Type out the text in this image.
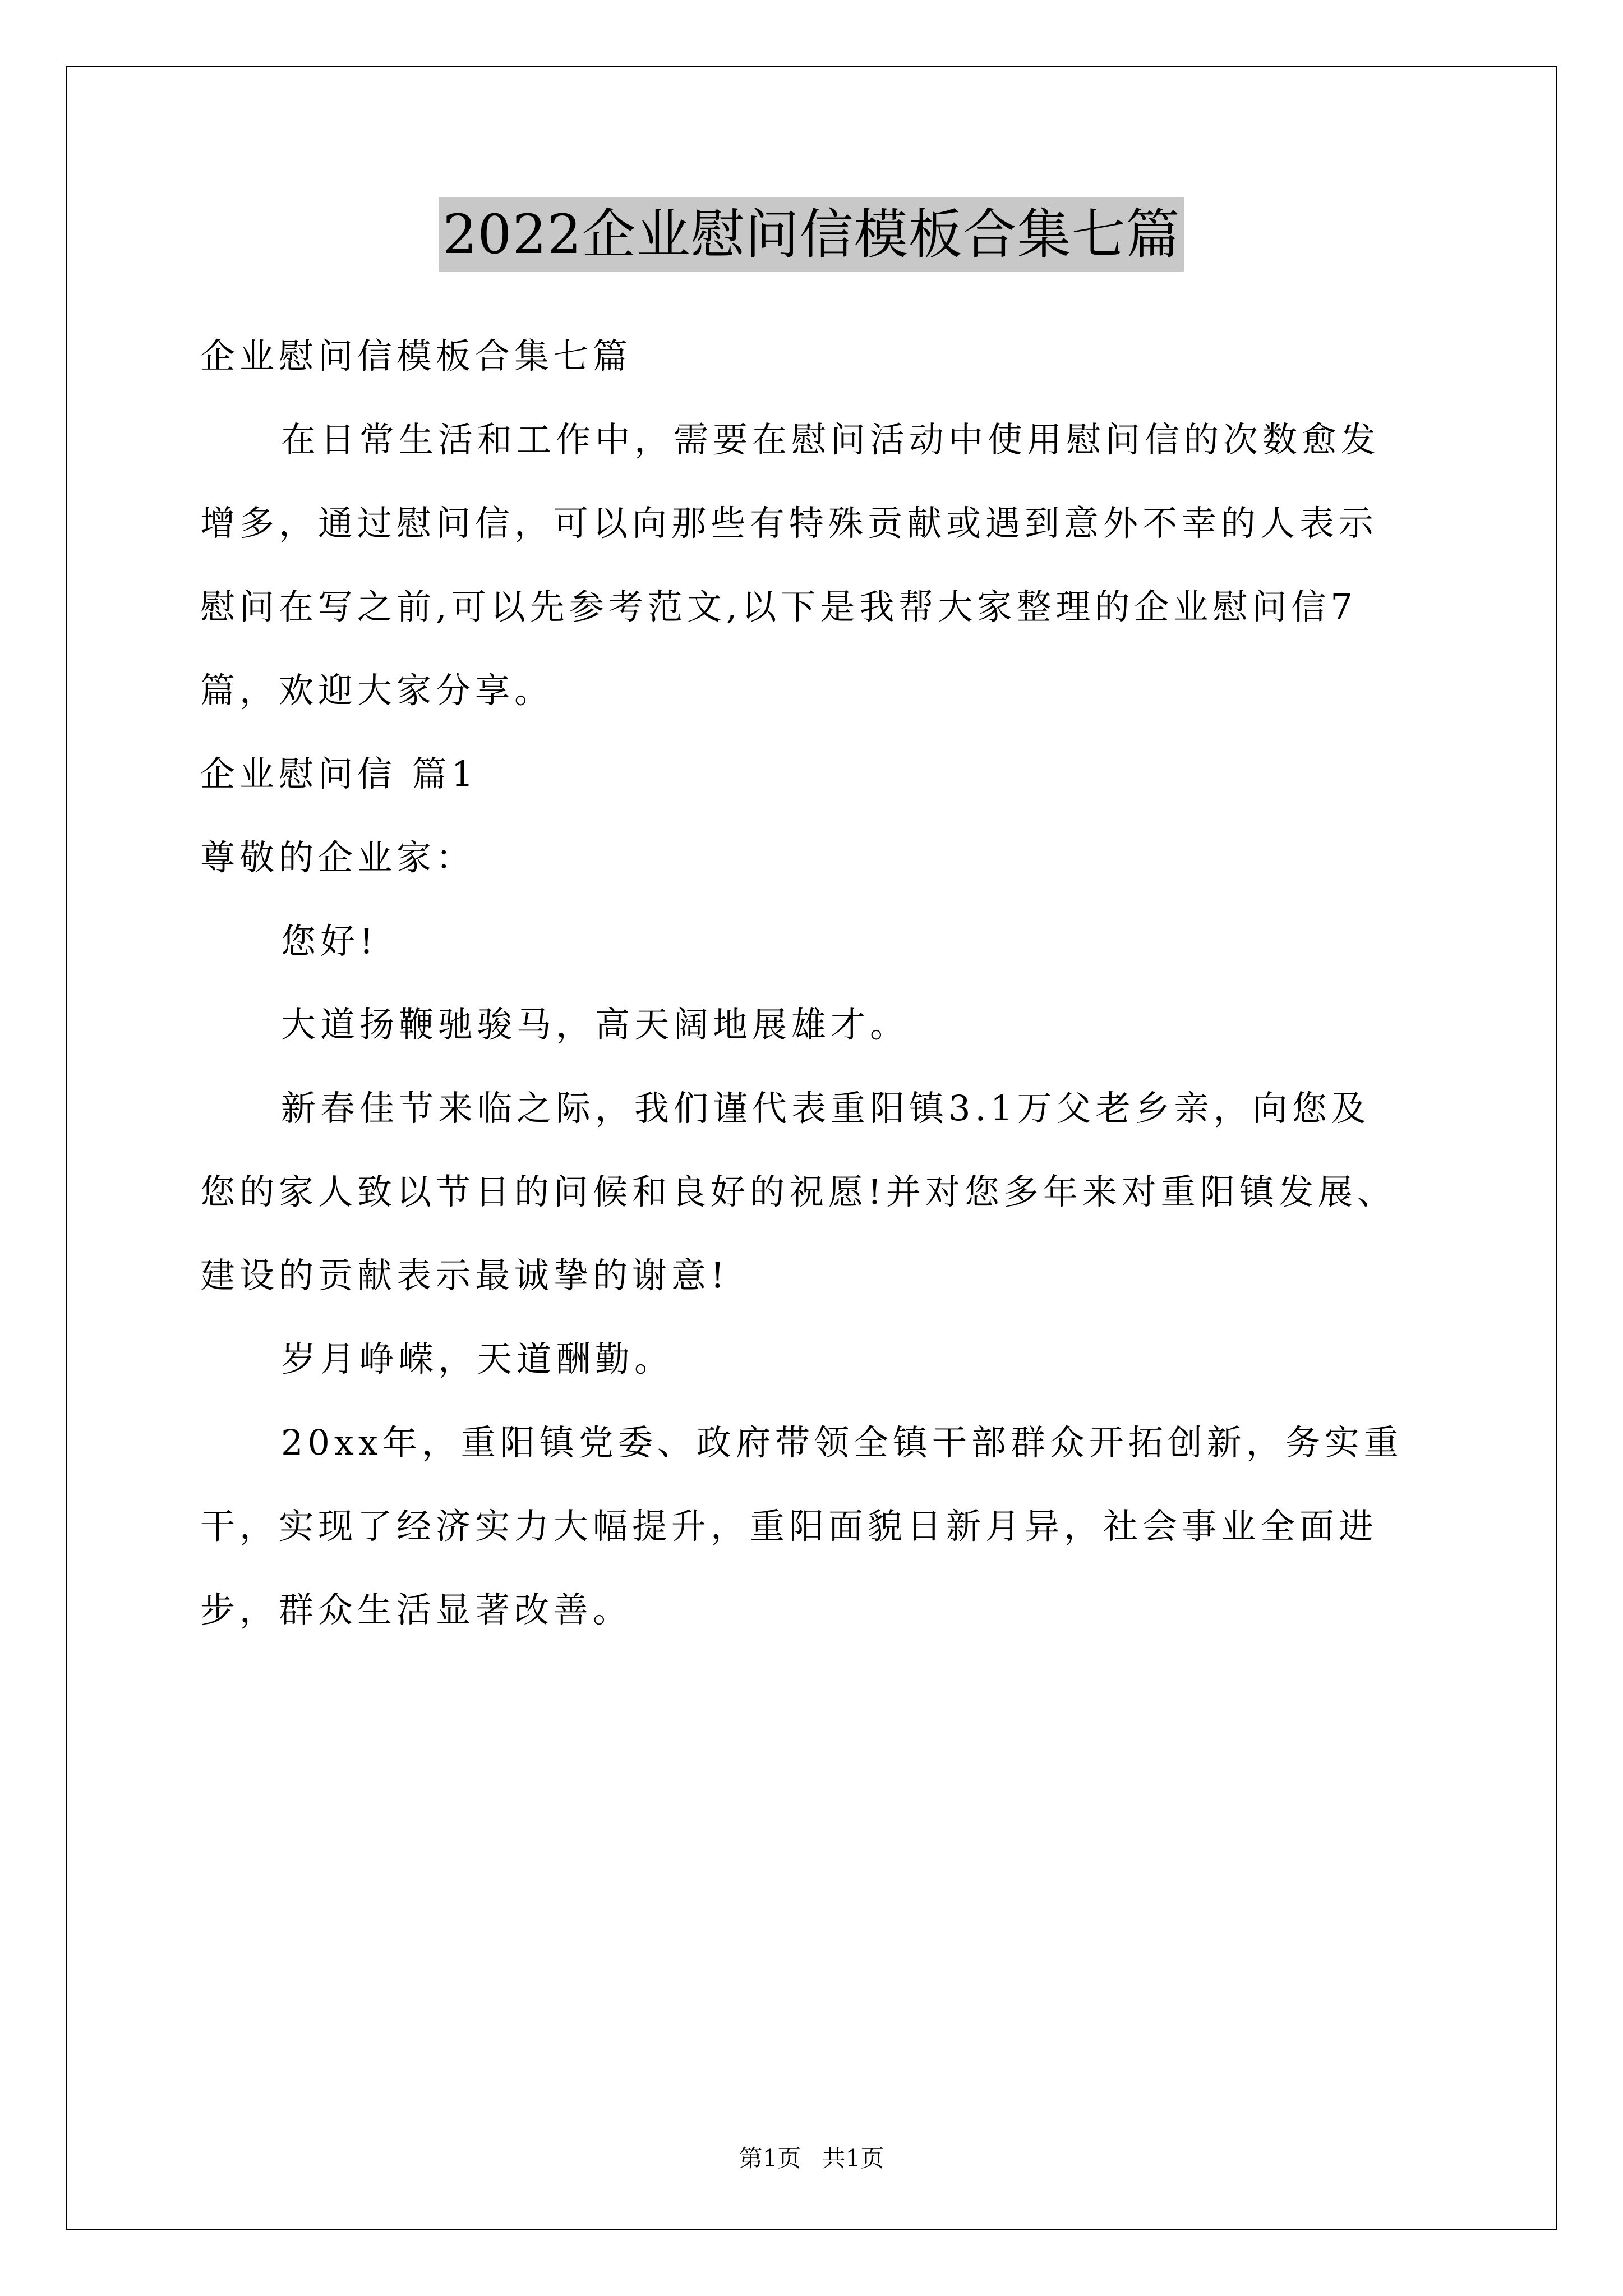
2022企业慰问信模板合集七篇
企业慰问信模板合集七篇
在日常生活和工作中，需要在慰问活动中使用慰问信的次数愈发
增多，通过慰问信，可以向那些有特殊贡献或遇到意外不幸的人表示
慰问在写之前,可以先参考范文,以下是我帮大家整理的企业慰问信7
篇，欢迎大家分享。
企业慰问信 篇1
尊敬的企业家：
您好!
大道扬鞭驰骏马，高天阔地展雄才。
新春佳节来临之际，我们谨代表重阳镇3.1万父老乡亲，向您及
您的家人致以节日的问候和良好的祝愿!并对您多年来对重阳镇发展、
建设的贡献表示最诚挚的谢意!
岁月峥嵘，天道酬勤。
20xx年，重阳镇党委、政府带领全镇干部群众开拓创新，务实重
干，实现了经济实力大幅提升，重阳面貌日新月异，社会事业全面进
步，群众生活显著改善。
第1页 共1页
